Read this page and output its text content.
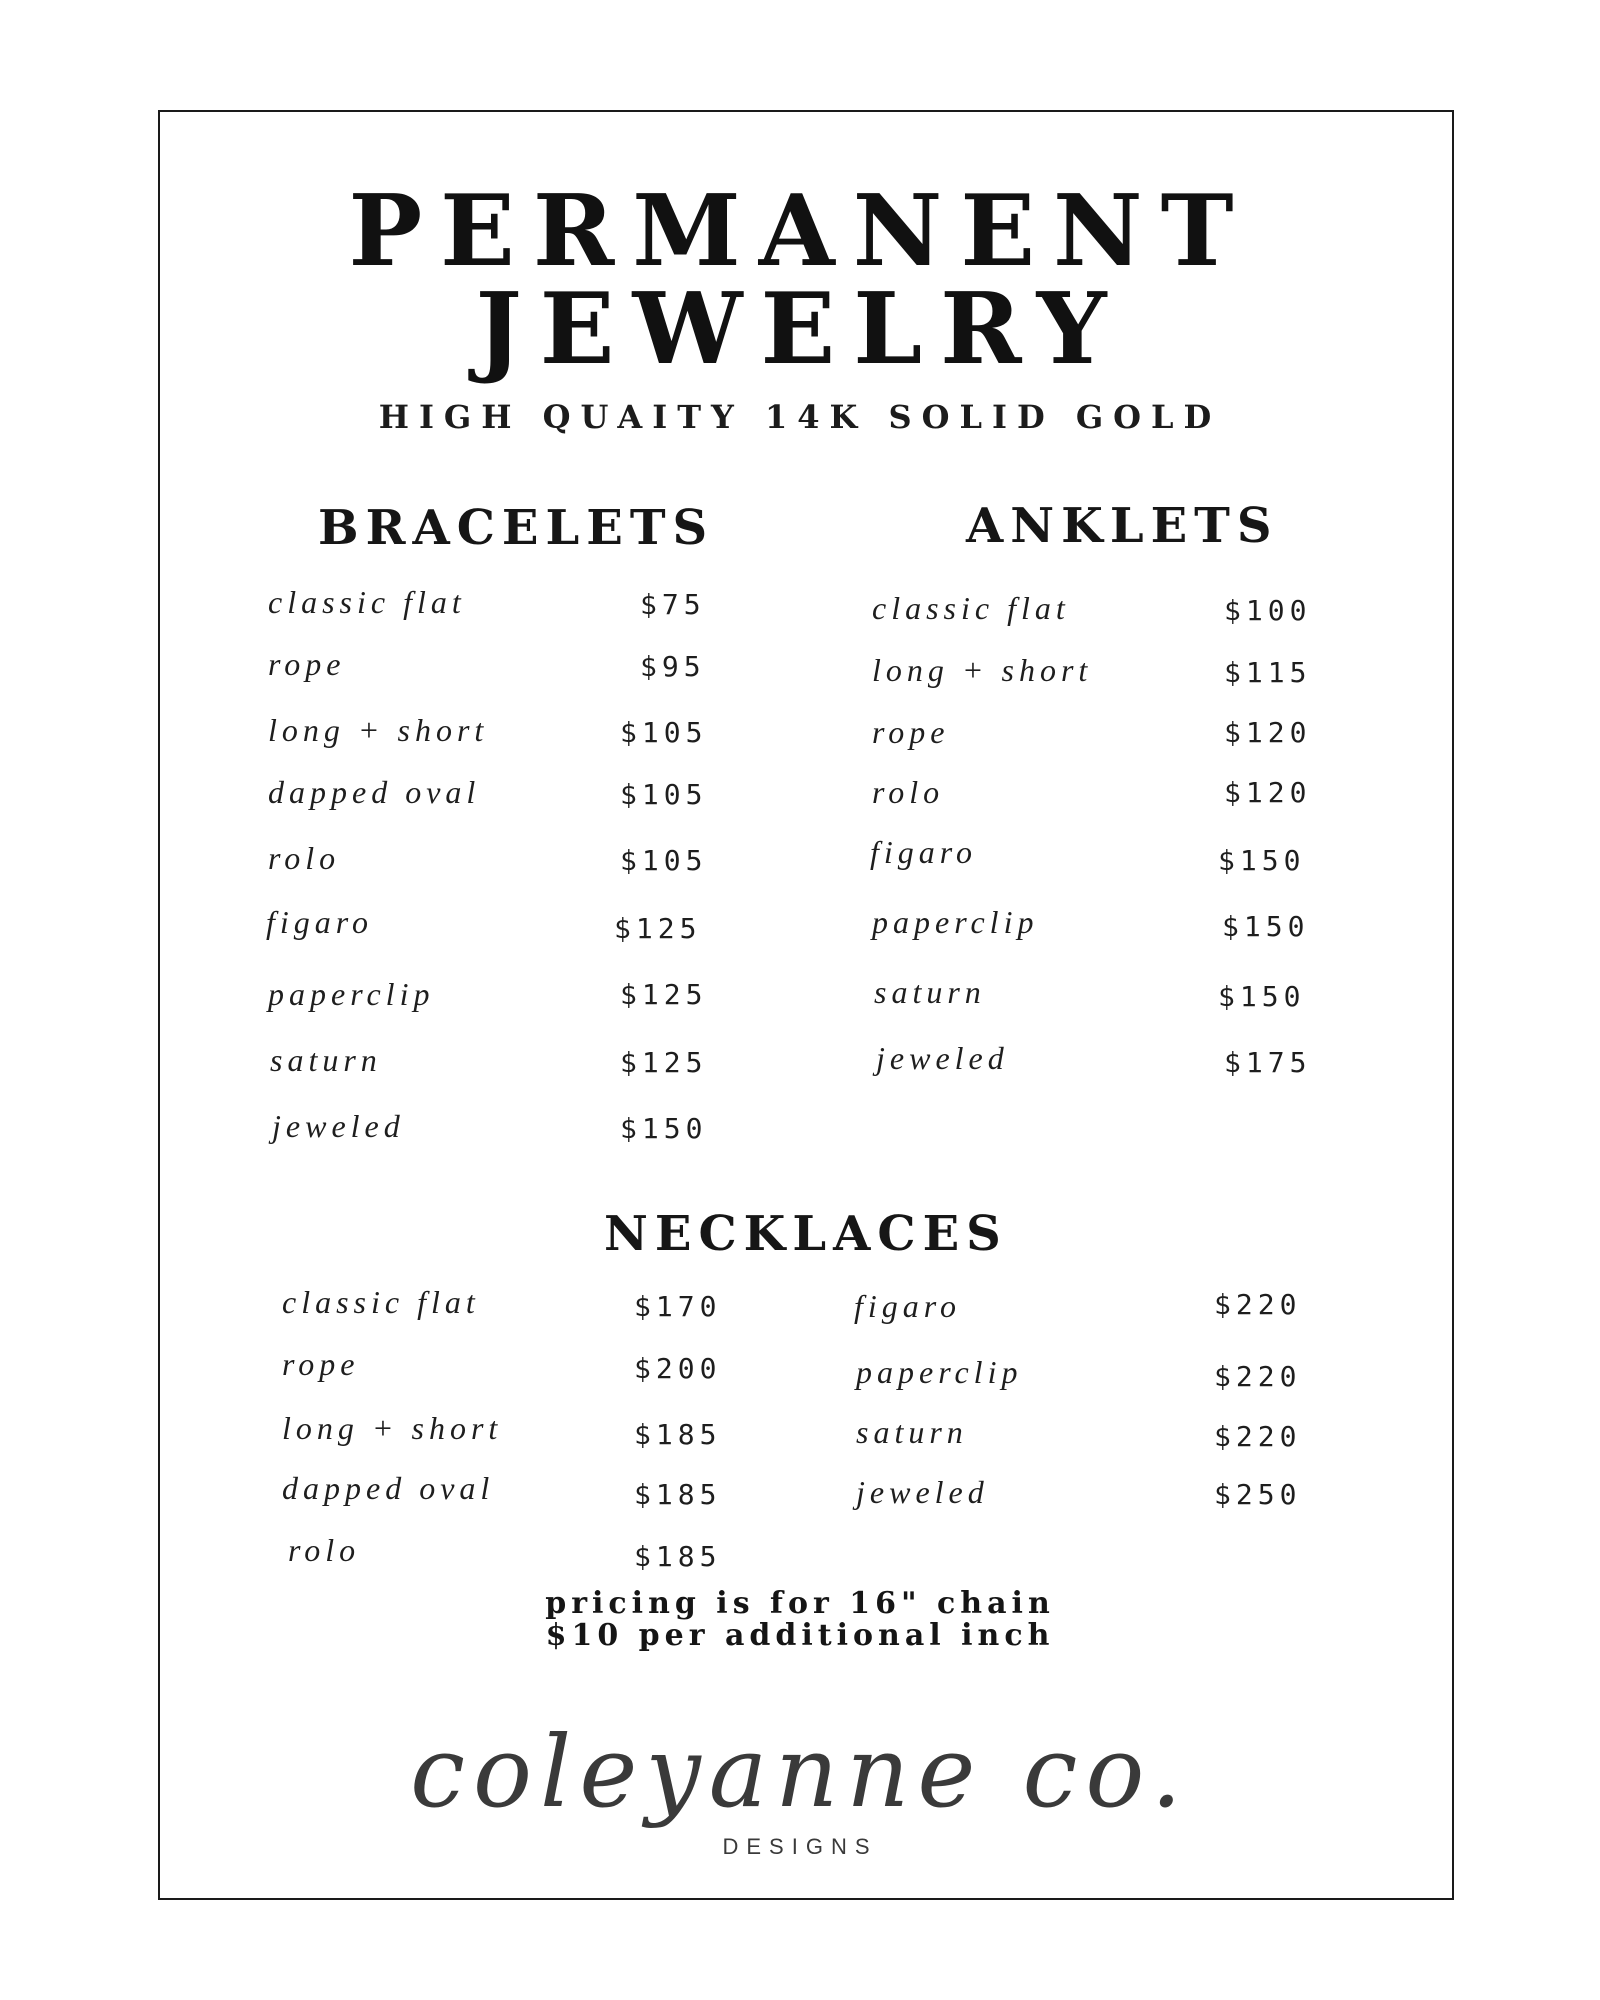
PERMANENT
JEWELRY
HIGH QUAITY 14K SOLID GOLD
BRACELETS
classic flat	$75
rope	$95
long + short	$105
dapped oval	$105
rolo	$105
figaro	$125
paperclip	$125
saturn	$125
jeweled	$150
ANKLETS
classic flat	$100
long + short	$115
rope	$120
rolo	$120
figaro	$150
paperclip	$150
saturn	$150
jeweled	$175
NECKLACES
classic flat	$170
rope	$200
long + short	$185
dapped oval	$185
rolo	$185
figaro	$220
paperclip	$220
saturn	$220
jeweled	$250
pricing is for 16" chain
$10 per additional inch
coleyanne co.
DESIGNS
